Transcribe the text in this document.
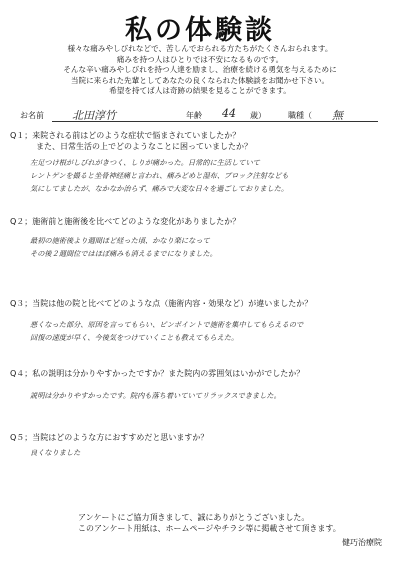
私の体験談
様々な痛みやしびれなどで、苦しんでおられる方たちがたくさんおられます。
痛みを持つ人はひとりでは不安になるものです。
そんな辛い痛みやしびれを持つ人達を励まし、治療を続ける勇気を与えるために
当院に来られた先輩としてあなたの良くなられた体験談をお聞かせ下さい。
希望を持てば人は奇跡の結果を見ることができます。
お名前	北田淳竹	年齢 44 歳）	職種（ 無
Q１；来院される前はどのような症状で悩まされていましたか？
また、日常生活の上でどのようなことに困っていましたか？
左足つけ根がしびれがきつく、しりが痛かった。日常的に生活していて
レントゲンを撮ると坐骨神経痛と言われ、痛みどめと湿布、ブロック注射なども
気にしてましたが、なかなか治らず、痛みで大変な日々を過ごしておりました。
Q２；施術前と施術後を比べてどのような変化がありましたか？
最初の施術後より週間ほど経った頃、かなり楽になって
その後２週間位ではほぼ痛みも消えるまでになりました。
Q３；当院は他の院と比べてどのような点（施術内容・効果など）が違いましたか？
悪くなった部分、原因を言ってもらい、ピンポイントで施術を集中してもらえるので
回復の速度が早く、今後気をつけていくことも教えてもらえた。
Q４；私の説明は分かりやすかったですか？また院内の雰囲気はいかがでしたか？
説明は分かりやすかったです。院内も落ち着いていてリラックスできました。
Q５；当院はどのような方におすすめだと思いますか？
良くなりました
アンケートにご協力頂きまして、誠にありがとうございました。
このアンケート用紙は、ホームページやチラシ等に掲載させて頂きます。
健巧治療院
